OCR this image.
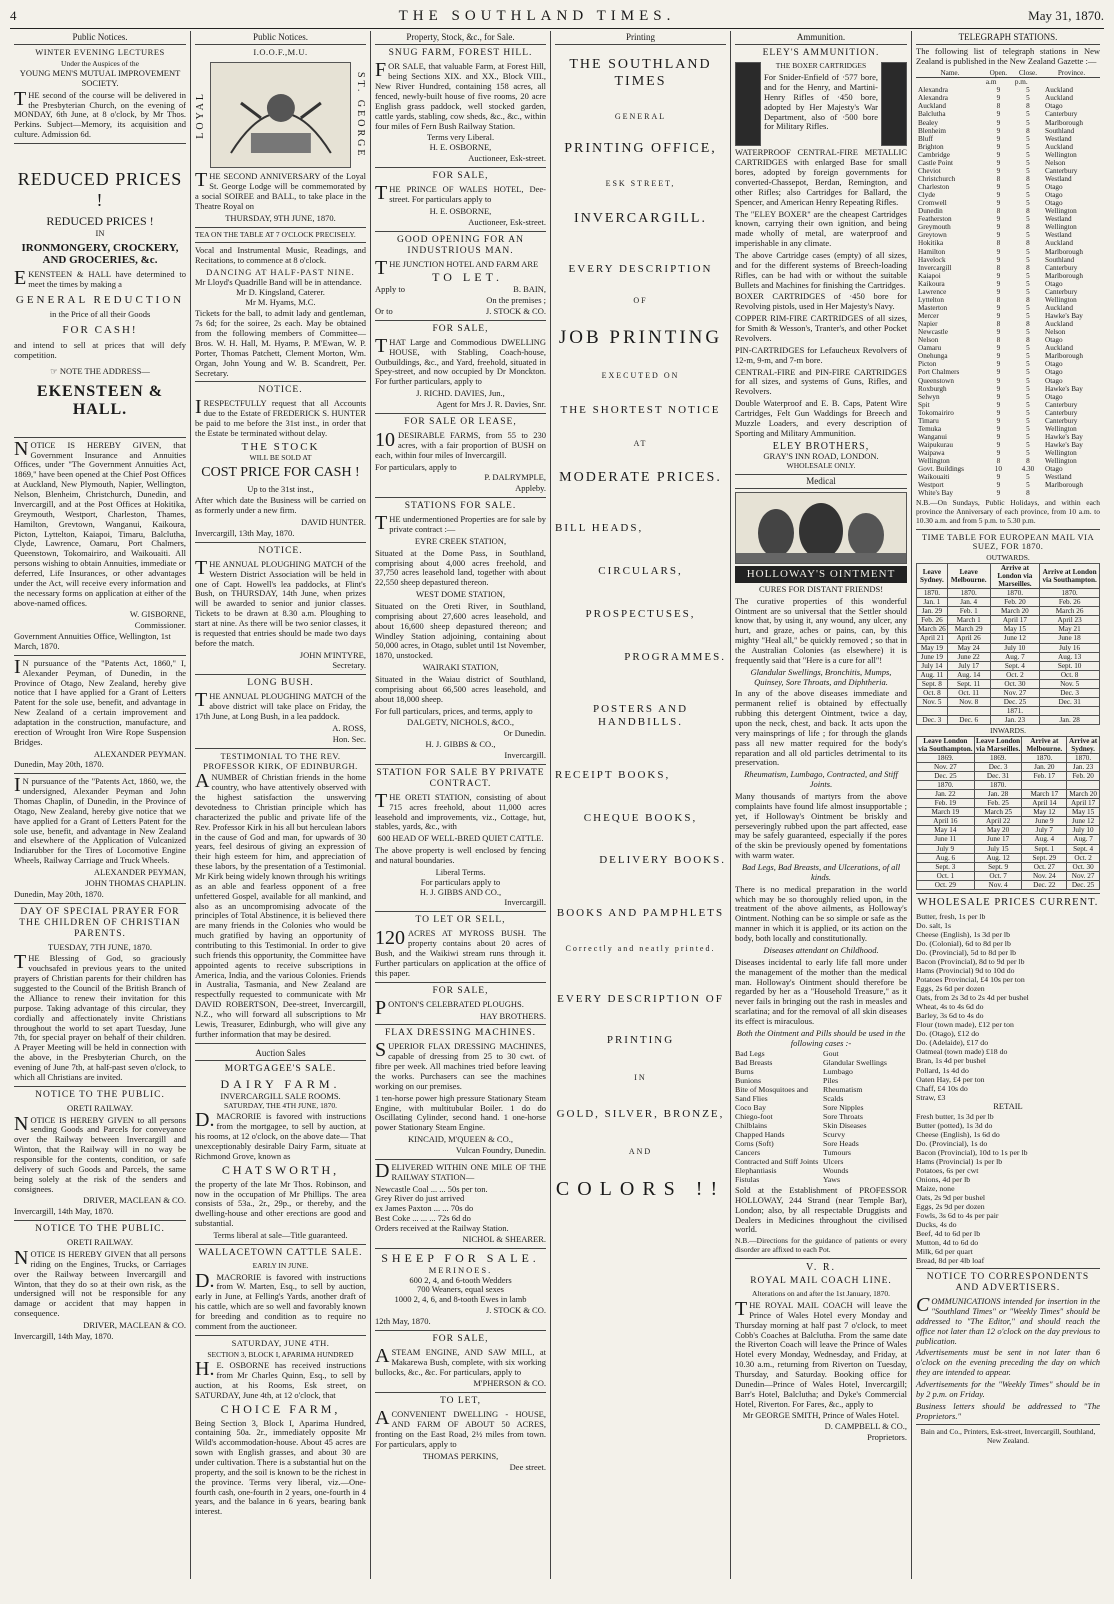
4	THE SOUTHLAND TIMES.	May 31, 1870.
Public Notices.
WINTER EVENING LECTURES
Under the Auspices of the
YOUNG MEN'S MUTUAL IMPROVEMENT SOCIETY.
THE second of the course will be delivered in the Presbyterian Church, on the evening of MONDAY, 6th June, at 8 o'clock, by Mr Thos. Perkins. Subject—Memory, its acquisition and culture. Admission 6d.
REDUCED PRICES !
REDUCED PRICES !
IN
IRONMONGERY, CROCKERY, AND GROCERIES, &c.
EKENSTEEN & HALL have determined to meet the times by making a
GENERAL REDUCTION
in the Price of all their Goods
FOR CASH!
and intend to sell at prices that will defy competition.
☞ NOTE THE ADDRESS—
EKENSTEEN & HALL.
NOTICE IS HEREBY GIVEN, that Government Insurance and Annuities Offices, under "The Government Annuities Act, 1869," have been opened at the Chief Post Offices at Auckland, New Plymouth, Napier, Wellington, Nelson, Blenheim, Christchurch, Dunedin, and Invercargill, and at the Post Offices at Hokitika, Greymouth, Westport, Charleston, Thames, Hamilton, Grevtown, Wanganui, Kaikoura, Picton, Lyttelton, Kaiapoi, Timaru, Balclutha, Clyde, Lawrence, Oamaru, Port Chalmers, Queenstown, Tokomairiro, and Waikouaiti. All persons wishing to obtain Annuities, immediate or deferred, Life Insurances, or other advantages under the Act, will receive every information and the necessary forms on application at either of the above-named offices.
W. GISBORNE,
Commissioner.
Government Annuities Office, Wellington, 1st March, 1870.
IN pursuance of the "Patents Act, 1860," I, Alexander Peyman, of Dunedin, in the Province of Otago, New Zealand, hereby give notice that I have applied for a Grant of Letters Patent for the sole use, benefit, and advantage in New Zealand of a certain improvement and adaptation in the construction, manufacture, and erection of Wrought Iron Wire Rope Suspension Bridges.
ALEXANDER PEYMAN.
Dunedin, May 20th, 1870.
IN pursuance of the "Patents Act, 1860, we, the undersigned, Alexander Peyman and John Thomas Chaplin, of Dunedin, in the Province of Otago, New Zealand, hereby give notice that we have applied for a Grant of Letters Patent for the sole use, benefit, and advantage in New Zealand and elsewhere of the Application of Vulcanized Indiarubber for the Tires of Locomotive Engine Wheels, Railway Carriage and Truck Wheels.
ALEXANDER PEYMAN,
JOHN THOMAS CHAPLIN.
Dunedin, May 20th, 1870.
DAY OF SPECIAL PRAYER FOR THE CHILDREN OF CHRISTIAN PARENTS.
TUESDAY, 7TH JUNE, 1870.
THE Blessing of God, so graciously vouchsafed in previous years to the united prayers of Christian parents for their children has suggested to the Council of the British Branch of the Alliance to renew their invitation for this purpose. Taking advantage of this circular, they cordially and affectionately invite Christians throughout the world to set apart Tuesday, June 7th, for special prayer on behalf of their children. A Prayer Meeting will be held in connection with the above, in the Presbyterian Church, on the evening of June 7th, at half-past seven o'clock, to which all Christians are invited.
NOTICE TO THE PUBLIC.
ORETI RAILWAY.
NOTICE IS HEREBY GIVEN to all persons sending Goods and Parcels for conveyance over the Railway between Invercargill and Winton, that the Railway will in no way be responsible for the contents, condition, or safe delivery of such Goods and Parcels, the same being solely at the risk of the senders and consignees.
DRIVER, MACLEAN & CO.
Invercargill, 14th May, 1870.
NOTICE TO THE PUBLIC.
ORETI RAILWAY.
NOTICE IS HEREBY GIVEN that all persons riding on the Engines, Trucks, or Carriages over the Railway between Invercargill and Winton, that they do so at their own risk, as the undersigned will not be responsible for any damage or accident that may happen in consequence.
DRIVER, MACLEAN & CO.
Invercargill, 14th May, 1870.
Public Notices.
I.O.O.F.,M.U.
LOYAL	ST. GEORGE
THE SECOND ANNIVERSARY of the Loyal St. George Lodge will be commemorated by a social SOIREE and BALL, to take place in the Theatre Royal on
THURSDAY, 9TH JUNE, 1870.
TEA ON THE TABLE AT 7 O'CLOCK PRECISELY.
Vocal and Instrumental Music, Readings, and Recitations, to commence at 8 o'clock.
DANCING AT HALF-PAST NINE.
Mr Lloyd's Quadrille Band will be in attendance.
Mr D. Kingsland, Caterer.
Mr M. Hyams, M.C.
Tickets for the ball, to admit lady and gentleman, 7s 6d; for the soiree, 2s each. May be obtained from the following members of Committee—Bros. W. H. Hall, M. Hyams, P. M'Ewan, W. P. Porter, Thomas Patchett, Clement Morton, Wm. Organ, John Young and W. B. Scandrett, Per. Secretary.
NOTICE.
IRESPECTFULLY request that all Accounts due to the Estate of FREDERICK S. HUNTER be paid to me before the 31st inst., in order that the Estate be terminated without delay.
THE STOCK
WILL BE SOLD AT
COST PRICE FOR CASH !
Up to the 31st inst.,
After which date the Business will be carried on as formerly under a new firm.
DAVID HUNTER.
Invercargill, 13th May, 1870.
NOTICE.
THE ANNUAL PLOUGHING MATCH of the Western District Association will be held in one of Capt. Howell's lea paddocks, at Flint's Bush, on THURSDAY, 14th June, when prizes will be awarded to senior and junior classes. Tickets to be drawn at 8.30 a.m. Ploughing to start at nine. As there will be two senior classes, it is requested that entries should be made two days before the match.
JOHN M'INTYRE,
Secretary.
LONG BUSH.
THE ANNUAL PLOUGHING MATCH of the above district will take place on Friday, the 17th June, at Long Bush, in a lea paddock.
A. ROSS,
Hon. Sec.
TESTIMONIAL TO THE REV. PROFESSOR KIRK, OF EDINBURGH.
ANUMBER of Christian friends in the home country, who have attentively observed with the highest satisfaction the unswerving devotedness to Christian principle which has characterized the public and private life of the Rev. Professor Kirk in his all but herculean labors in the cause of God and man, for upwards of 30 years, feel desirous of giving an expression of their high esteem for him, and appreciation of these labors, by the presentation of a Testimonial. Mr Kirk being widely known through his writings as an able and fearless opponent of a free unfettered Gospel, available for all mankind, and also as an uncompromising advocate of the principles of Total Abstinence, it is believed there are many friends in the Colonies who would be much gratified by having an opportunity of contributing to this Testimonial. In order to give such friends this opportunity, the Committee have appointed agents to receive subscriptions in America, India, and the various Colonies. Friends in Australia, Tasmania, and New Zealand are respectfully requested to communicate with Mr DAVID ROBERTSON, Dee-street, Invercargill, N.Z., who will forward all subscriptions to Mr Lewis, Treasurer, Edinburgh, who will give any further information that may be desired.
Auction Sales
MORTGAGEE'S SALE.
DAIRY FARM.
INVERCARGILL SALE ROOMS.
SATURDAY, THE 4TH JUNE, 1870.
D.MACRORIE is favored with instructions from the mortgagee, to sell by auction, at his rooms, at 12 o'clock, on the above date— That unexceptionably desirable Dairy Farm, situate at Richmond Grove, known as
CHATSWORTH,
the property of the late Mr Thos. Robinson, and now in the occupation of Mr Phillips. The area consists of 53a., 2r., 29p., or thereby, and the dwelling-house and other erections are good and substantial.
Terms liberal at sale—Title guaranteed.
WALLACETOWN CATTLE SALE.
EARLY IN JUNE.
D.MACRORIE is favored with instructions from W. Marten, Esq., to sell by auction, early in June, at Felling's Yards, another draft of his cattle, which are so well and favorably known for breeding and condition as to require no comment from the auctioneer.
SATURDAY, JUNE 4TH.
SECTION 3, BLOCK I, APARIMA HUNDRED
H.E. OSBORNE has received instructions from Mr Charles Quinn, Esq., to sell by auction, at his Rooms, Esk street, on SATURDAY, June 4th, at 12 o'clock, that
CHOICE FARM,
Being Section 3, Block I, Aparima Hundred, containing 50a. 2r., immediately opposite Mr Wild's accommodation-house. About 45 acres are sown with English grasses, and about 30 are under cultivation. There is a substantial hut on the property, and the soil is known to be the richest in the province. Terms very liberal, viz.—One-fourth cash, one-fourth in 2 years, one-fourth in 4 years, and the balance in 6 years, bearing bank interest.
Property, Stock, &c., for Sale.
SNUG FARM, FOREST HILL.
FOR SALE, that valuable Farm, at Forest Hill, being Sections XIX. and XX., Block VIII., New River Hundred, containing 158 acres, all fenced, newly-built house of five rooms, 20 acre English grass paddock, well stocked garden, cattle yards, stabling, cow sheds, &c., &c., within four miles of Fern Bush Railway Station.
Terms very Liberal.
H. E. OSBORNE,
Auctioneer, Esk-street.
FOR SALE,
THE PRINCE OF WALES HOTEL, Dee-street. For particulars apply to
H. E. OSBORNE,
Auctioneer, Esk-street.
GOOD OPENING FOR AN INDUSTRIOUS MAN.
THE JUNCTION HOTEL AND FARM ARE
TO LET.
Apply to	B. BAIN,
On the premises ;
Or to	J. STOCK & CO.
FOR SALE,
THAT Large and Commodious DWELLING HOUSE, with Stabling, Coach-house, Outbuildings, &c., and Yard, freehold, situated in Spey-street, and now occupied by Dr Monckton. For further particulars, apply to
J. RICHD. DAVIES, Jun.,
Agent for Mrs J. R. Davies, Snr.
FOR SALE OR LEASE,
10 DESIRABLE FARMS, from 55 to 230 acres, with a fair proportion of BUSH on each, within four miles of Invercargill.
For particulars, apply to
P. DALRYMPLE,
Appleby.
STATIONS FOR SALE.
THE undermentioned Properties are for sale by private contract :—
EYRE CREEK STATION,
Situated at the Dome Pass, in Southland, comprising about 4,000 acres freehold, and 37,750 acres leasehold land, together with about 22,550 sheep depastured thereon.
WEST DOME STATION,
Situated on the Oreti River, in Southland, comprising about 27,600 acres leasehold, and about 16,600 sheep depastured thereon; and Windley Station adjoining, containing about 50,000 acres, in Otago, sublet until 1st November, 1870, unstocked.
WAIRAKI STATION,
Situated in the Waiau district of Southland, comprising about 66,500 acres leasehold, and about 18,000 sheep.
For full particulars, prices, and terms, apply to
DALGETY, NICHOLS, &CO.,
Or Dunedin.
H. J. GIBBS & CO.,
Invercargill.
STATION FOR SALE BY PRIVATE CONTRACT.
THE ORETI STATION, consisting of about 715 acres freehold, about 11,000 acres leasehold and improvements, viz., Cottage, hut, stables, yards, &c., with
600 HEAD OF WELL-BRED QUIET CATTLE.
The above property is well enclosed by fencing and natural boundaries.
Liberal Terms.
For particulars apply to
H. J. GIBBS AND CO.,
Invercargill.
TO LET OR SELL,
120 ACRES AT MYROSS BUSH. The property contains about 20 acres of Bush, and the Waikiwi stream runs through it. Further particulars on application at the office of this paper.
FOR SALE,
PONTON'S CELEBRATED PLOUGHS.
HAY BROTHERS.
FLAX DRESSING MACHINES.
SUPERIOR FLAX DRESSING MACHINES, capable of dressing from 25 to 30 cwt. of fibre per week. All machines tried before leaving the works. Purchasers can see the machines working on our premises.
1 ten-horse power high pressure Stationary Steam Engine, with multitubular Boiler. 1 do do Oscillating Cylinder, second hand. 1 one-horse power Stationary Steam Engine.
KINCAID, M'QUEEN & CO.,
Vulcan Foundry, Dunedin.
DELIVERED WITHIN ONE MILE OF THE RAILWAY STATION—
Newcastle Coal ... ... 50s per ton.
Grey River do just arrived
ex James Paxton ... ... 70s do
Best Coke ... ... ... 72s 6d do
Orders received at the Railway Station.
NICHOL & SHEARER.
SHEEP FOR SALE.
MERINOES.
600 2, 4, and 6-tooth Wedders
700 Weaners, equal sexes
1000 2, 4, 6, and 8-tooth Ewes in lamb
J. STOCK & CO.
12th May, 1870.
FOR SALE,
ASTEAM ENGINE, AND SAW MILL, at Makarewa Bush, complete, with six working bullocks, &c., &c. For particulars, apply to
M'PHERSON & CO.
TO LET,
ACONVENIENT DWELLING - HOUSE, AND FARM OF ABOUT 50 ACRES, fronting on the East Road, 2½ miles from town. For particulars, apply to
THOMAS PERKINS,
Dee street.
Printing
THE SOUTHLAND TIMES
GENERAL
PRINTING OFFICE,
ESK STREET,
INVERCARGILL.
EVERY DESCRIPTION
OF
JOB PRINTING
EXECUTED ON
THE SHORTEST NOTICE
AT
MODERATE PRICES.
BILL HEADS,
CIRCULARS,
PROSPECTUSES,
PROGRAMMES.
POSTERS AND HANDBILLS.
RECEIPT BOOKS,
CHEQUE BOOKS,
DELIVERY BOOKS.
BOOKS AND PAMPHLETS
Correctly and neatly printed.
EVERY DESCRIPTION OF
PRINTING
IN
GOLD, SILVER, BRONZE,
AND
COLORS !!
Ammunition.
ELEY'S AMMUNITION.
THE BOXER CARTRIDGES
For Snider-Enfield of ·577 bore, and for the Henry, and Martini-Henry Rifles of ·450 bore, adopted by Her Majesty's War Department, also of ·500 bore for Military Rifles.
WATERPROOF CENTRAL-FIRE METALLIC CARTRIDGES with enlarged Base for small bores, adopted by foreign governments for converted-Chassepot, Berdan, Remington, and other Rifles; also Cartridges for Ballard, the Spencer, and American Henry Repeating Rifles.
The "ELEY BOXER" are the cheapest Cartridges known, carrying their own ignition, and being made wholly of metal, are waterproof and imperishable in any climate.
The above Cartridge cases (empty) of all sizes, and for the different systems of Breech-loading Rifles, can be had with or without the suitable Bullets and Machines for finishing the Cartridges.
BOXER CARTRIDGES of ·450 bore for Revolving pistols, used in Her Majesty's Navy.
COPPER RIM-FIRE CARTRIDGES of all sizes, for Smith & Wesson's, Tranter's, and other Pocket Revolvers.
PIN-CARTRIDGES for Lefaucheux Revolvers of 12-m, 9-m, and 7-m bore.
CENTRAL-FIRE and PIN-FIRE CARTRIDGES for all sizes, and systems of Guns, Rifles, and Revolvers.
Double Waterproof and E. B. Caps, Patent Wire Cartridges, Felt Gun Waddings for Breech and Muzzle Loaders, and every description of Sporting and Military Ammunition.
ELEY BROTHERS,
GRAY'S INN ROAD, LONDON.
WHOLESALE ONLY.
Medical
HOLLOWAY'S OINTMENT
CURES FOR DISTANT FRIENDS!
The curative properties of this wonderful Ointment are so universal that the Settler should know that, by using it, any wound, any ulcer, any hurt, and graze, aches or pains, can, by this mighty "Heal all," be quickly removed ; so that in the Australian Colonies (as elsewhere) it is frequently said that "Here is a cure for all"!
Glandular Swellings, Bronchitis, Mumps, Quinsey, Sore Throats, and Diphtheria.
In any of the above diseases immediate and permanent relief is obtained by effectually rubbing this detergent Ointment, twice a day, upon the neck, chest, and back. It acts upon the very mainsprings of life ; for through the glands pass all new matter required for the body's reparation and all old particles detrimental to its preservation.
Rheumatism, Lumbago, Contracted, and Stiff Joints.
Many thousands of martyrs from the above complaints have found life almost insupportable ; yet, if Holloway's Ointment be briskly and perseveringly rubbed upon the part affected, ease may be safely guaranteed, especially if the pores of the skin be previously opened by fomentations with warm water.
Bad Legs, Bad Breasts, and Ulcerations, of all kinds.
There is no medical preparation in the world which may be so thoroughly relied upon, in the treatment of the above ailments, as Holloway's Ointment. Nothing can be so simple or safe as the manner in which it is applied, or its action on the body, both locally and constitutionally.
Diseases attendant on Childhood.
Diseases incidental to early life fall more under the management of the mother than the medical man. Holloway's Ointment should therefore be regarded by her as a "Household Treasure," as it never fails in bringing out the rash in measles and scarlatina; and for the removal of all skin diseases its effect is miraculous.
Both the Ointment and Pills should be used in the following cases :-
Bad Legs
Bad Breasts
Burns
Bunions
Bite of Mosquitoes and Sand Flies
Coco Bay
Chiego-foot
Chilblains
Chapped Hands
Corns (Soft)
Cancers
Contracted and Stiff Joints
Elephantiasis
Fistulas
Gout
Glandular Swellings
Lumbago
Piles
Rheumatism
Scalds
Sore Nipples
Sore Throats
Skin Diseases
Scurvy
Sore Heads
Tumours
Ulcers
Wounds
Yaws
Sold at the Establishment of PROFESSOR HOLLOWAY, 244 Strand (near Temple Bar), London; also, by all respectable Druggists and Dealers in Medicines throughout the civilised world.
N.B.—Directions for the guidance of patients or every disorder are affixed to each Pot.
V. R.
ROYAL MAIL COACH LINE.
Alterations on and after the 1st January, 1870.
THE ROYAL MAIL COACH will leave the Prince of Wales Hotel every Monday and Thursday morning at half past 7 o'clock, to meet Cobb's Coaches at Balclutha. From the same date the Riverton Coach will leave the Prince of Wales Hotel every Monday, Wednesday, and Friday, at 10.30 a.m., returning from Riverton on Tuesday, Thursday, and Saturday. Booking office for Dunedin—Prince of Wales Hotel, Invercargill; Barr's Hotel, Balclutha; and Dyke's Commercial Hotel, Riverton. For Fares, &c., apply to
Mr GEORGE SMITH, Prince of Wales Hotel.
D. CAMPBELL & CO.,
Proprietors.
TELEGRAPH STATIONS.
The following list of telegraph stations in New Zealand is published in the New Zealand Gazette :—
Name.	Open.	Close.	Province.
	a.m	p.m.	
Alexandra	9	5	Auckland
Alexandra	9	5	Auckland
Auckland	8	8	Otago
Balclutha	9	5	Canterbury
Bealey	9	5	Marlborough
Blenheim	9	8	Southland
Bluff	9	5	Westland
Brighton	9	5	Auckland
Cambridge	9	5	Wellington
Castle Point	9	5	Nelson
Cheviot	9	5	Canterbury
Christchurch	8	8	Westland
Charleston	9	5	Otago
Clyde	9	5	Otago
Cromwell	9	5	Otago
Dunedin	8	8	Wellington
Featherston	9	5	Westland
Greymouth	9	8	Wellington
Greytown	9	5	Westland
Hokitika	8	8	Auckland
Hamilton	9	5	Marlborough
Havelock	9	5	Southland
Invercargill	8	8	Canterbury
Kaiapoi	9	5	Marlborough
Kaikoura	9	5	Otago
Lawrence	9	5	Canterbury
Lyttelton	8	8	Wellington
Masterton	9	5	Auckland
Mercer	9	5	Hawke's Bay
Napier	8	8	Auckland
Newcastle	9	5	Nelson
Nelson	8	8	Otago
Oamaru	9	5	Auckland
Onehunga	9	5	Marlborough
Picton	9	5	Otago
Port Chalmers	9	5	Otago
Queenstown	9	5	Otago
Roxburgh	9	5	Hawke's Bay
Selwyn	9	5	Otago
Spit	9	5	Canterbury
Tokomairiro	9	5	Canterbury
Timaru	9	5	Canterbury
Temuka	9	5	Wellington
Wanganui	9	5	Hawke's Bay
Waipukurau	9	5	Hawke's Bay
Waipawa	9	5	Wellington
Wellington	8	8	Wellington
Govt. Buildings	10	4.30	Otago
Waikouaiti	9	5	Westland
Westport	9	5	Marlborough
White's Bay	9	8	
N.B.—On Sundays, Public Holidays, and within each province the Anniversary of each province, from 10 a.m. to 10.30 a.m. and from 5 p.m. to 5.30 p.m.
TIME TABLE FOR EUROPEAN MAIL VIA SUEZ, FOR 1870.
OUTWARDS.
Leave Sydney.	Leave Melbourne.	Arrive at London via Marseilles.	Arrive at London via Southampton.
1870.	1870.	1870.	1870.
Jan. 1	Jan. 4	Feb. 20	Feb. 26
Jan. 29	Feb. 1	March 20	March 26
Feb. 26	March 1	April 17	April 23
March 26	March 29	May 15	May 21
April 21	April 26	June 12	June 18
May 19	May 24	July 10	July 16
June 19	June 22	Aug. 7	Aug. 13
July 14	July 17	Sept. 4	Sept. 10
Aug. 11	Aug. 14	Oct. 2	Oct. 8
Sept. 8	Sept. 11	Oct. 30	Nov. 5
Oct. 8	Oct. 11	Nov. 27	Dec. 3
Nov. 5	Nov. 8	Dec. 25	Dec. 31
		1871.	
Dec. 3	Dec. 6	Jan. 23	Jan. 28
INWARDS.
Leave London via Southampton.	Leave London via Marseilles.	Arrive at Melbourne.	Arrive at Sydney.
1869.	1869.	1870.	1870.
Nov. 27	Dec. 3	Jan. 20	Jan. 23
Dec. 25	Dec. 31	Feb. 17	Feb. 20
1870.	1870.		
Jan. 22	Jan. 28	March 17	March 20
Feb. 19	Feb. 25	April 14	April 17
March 19	March 25	May 12	May 15
April 16	April 22	June 9	June 12
May 14	May 20	July 7	July 10
June 11	June 17	Aug. 4	Aug. 7
July 9	July 15	Sept. 1	Sept. 4
Aug. 6	Aug. 12	Sept. 29	Oct. 2
Sept. 3	Sept. 9	Oct. 27	Oct. 30
Oct. 1	Oct. 7	Nov. 24	Nov. 27
Oct. 29	Nov. 4	Dec. 22	Dec. 25
WHOLESALE PRICES CURRENT.
Butter, fresh, 1s per lb
Do. salt, 1s
Cheese (English), 1s 3d per lb
Do. (Colonial), 6d to 8d per lb
Do. (Provincial), 5d to 8d per lb
Bacon (Provincial), 8d to 9d per lb
Hams (Provincial) 9d to 10d do
Potatoes Provincial, £4 10s per ton
Eggs, 2s 6d per dozen
Oats, from 2s 3d to 2s 4d per bushel
Wheat, 4s to 4s 6d do
Barley, 3s 6d to 4s do
Flour (town made), £12 per ton
Do. (Otago), £12 do
Do. (Adelaide), £17 do
Oatmeal (town made) £18 do
Bran, 1s 4d per bushel
Pollard, 1s 4d do
Oaten Hay, £4 per ton
Chaff, £4 10s do
Straw, £3
RETAIL
Fresh butter, 1s 3d per lb
Butter (potted), 1s 3d do
Cheese (English), 1s 6d do
Do. (Provincial), 1s do
Bacon (Provincial), 10d to 1s per lb
Hams (Provincial) 1s per lb
Potatoes, 6s per cwt
Onions, 4d per lb
Maize, none
Oats, 2s 9d per bushel
Eggs, 2s 9d per dozen
Fowls, 3s 6d to 4s per pair
Ducks, 4s do
Beef, 4d to 6d per lb
Mutton, 4d to 6d do
Milk, 6d per quart
Bread, 8d per 4lb loaf
NOTICE TO CORRESPONDENTS AND ADVERTISERS.
COMMUNICATIONS intended for insertion in the "Southland Times" or "Weekly Times" should be addressed to "The Editor," and should reach the office not later than 12 o'clock on the day previous to publication.
Advertisements must be sent in not later than 6 o'clock on the evening preceding the day on which they are intended to appear.
Advertisements for the "Weekly Times" should be in by 2 p.m. on Friday.
Business letters should be addressed to "The Proprietors."
Bain and Co., Printers, Esk-street, Invercargill, Southland, New Zealand.
